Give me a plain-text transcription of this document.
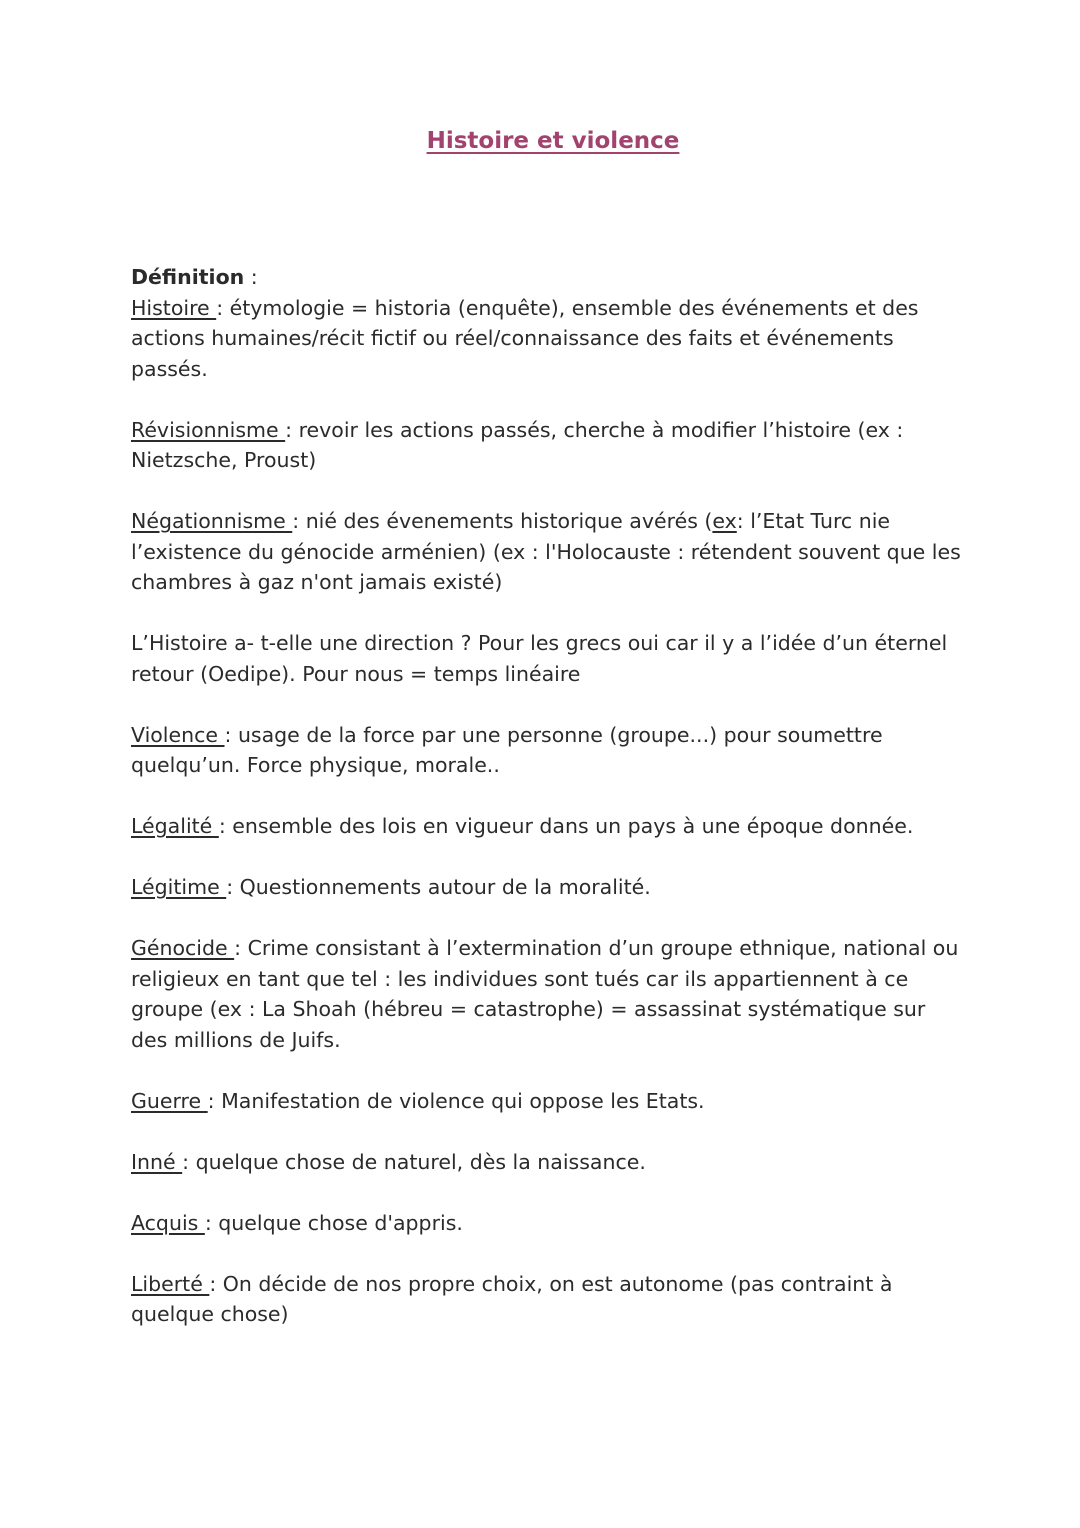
Histoire et violence

Définition :

Histoire : étymologie = historia (enquête), ensemble des événements et des actions humaines/récit fictif ou réel/connaissance des faits et événements passés.

Révisionnisme : revoir les actions passés, cherche à modifier l’histoire (ex : Nietzsche, Proust)

Négationnisme : nié des évenements historique avérés (ex: l’Etat Turc nie l’existence du génocide arménien) (ex : l'Holocauste : rétendent souvent que les chambres à gaz n'ont jamais existé)

L’Histoire a- t-elle une direction ? Pour les grecs oui car il y a l’idée d’un éternel retour (Oedipe). Pour nous = temps linéaire

Violence : usage de la force par une personne (groupe...) pour soumettre quelqu’un. Force physique, morale..

Légalité : ensemble des lois en vigueur dans un pays à une époque donnée.

Légitime : Questionnements autour de la moralité.

Génocide : Crime consistant à l’extermination d’un groupe ethnique, national ou religieux en tant que tel : les individues sont tués car ils appartiennent à ce groupe (ex : La Shoah (hébreu = catastrophe) = assassinat systématique sur des millions de Juifs.

Guerre : Manifestation de violence qui oppose les Etats.

Inné : quelque chose de naturel, dès la naissance.

Acquis : quelque chose d'appris.

Liberté : On décide de nos propre choix, on est autonome (pas contraint à quelque chose)
